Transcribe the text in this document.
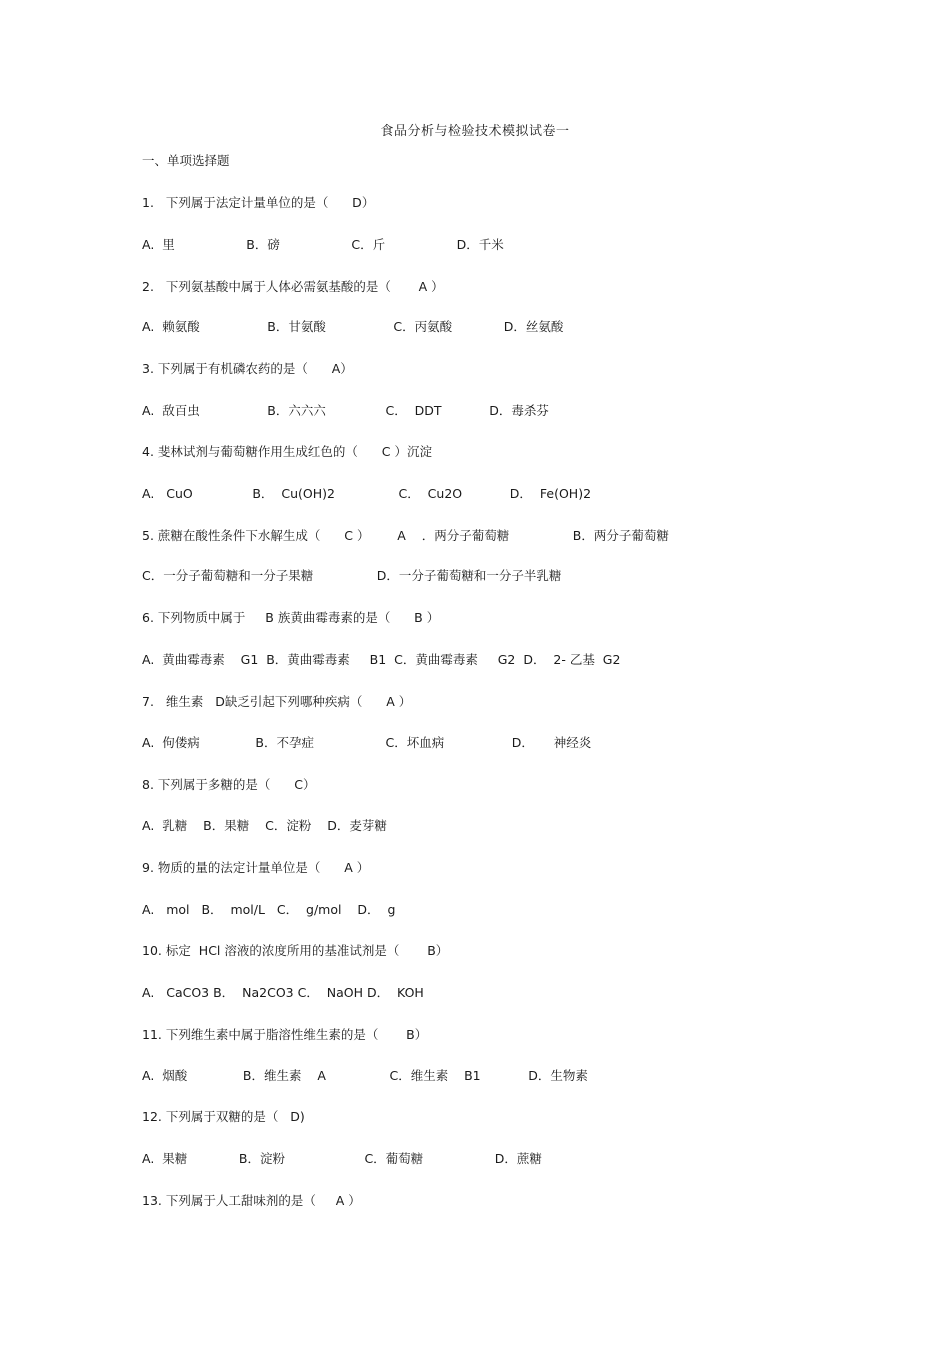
食品分析与检验技术模拟试卷一
一、单项选择题
1.   下列属于法定计量单位的是（      D）
A.  里                  B．磅                  C．斤                  D．千米
2.   下列氨基酸中属于人体必需氨基酸的是（       A ）
A.  赖氨酸                 B．甘氨酸                 C．丙氨酸             D．丝氨酸
3. 下列属于有机磷农药的是（      A）
A.  敌百虫                 B．六六六               C．  DDT            D．毒杀芬
4. 斐林试剂与葡萄糖作用生成红色的（      C ）沉淀
A.   CuO               B．  Cu(OH)2                C．  Cu2O            D．  Fe(OH)2
5. 蔗糖在酸性条件下水解生成（      C ）       A    ．两分子葡萄糖                B．两分子葡萄糖
C．一分子葡萄糖和一分子果糖                D．一分子葡萄糖和一分子半乳糖
6. 下列物质中属于     B 族黄曲霉毒素的是（      B ）
A.  黄曲霉毒素    G1  B．黄曲霉毒素     B1  C．黄曲霉毒素     G2  D．  2- 乙基  G2
7.   维生素   D缺乏引起下列哪种疾病（      A ）
A.  佝偻病              B．不孕症                  C．坏血病                 D．     神经炎
8. 下列属于多糖的是（      C）
A.  乳糖    B．果糖    C．淀粉    D．麦芽糖
9. 物质的量的法定计量单位是（      A ）
A.   mol   B．  mol/L   C．  g/mol    D．  g
10. 标定  HCl 溶液的浓度所用的基准试剂是（       B）
A.   CaCO3 B．  Na2CO3 C．  NaOH D．  KOH
11. 下列维生素中属于脂溶性维生素的是（       B）
A.  烟酸              B．维生素    A                C．维生素    B1            D．生物素
12. 下列属于双糖的是（   D)
A.  果糖             B．淀粉                    C．葡萄糖                  D．蔗糖
13. 下列属于人工甜味剂的是（     A ）
